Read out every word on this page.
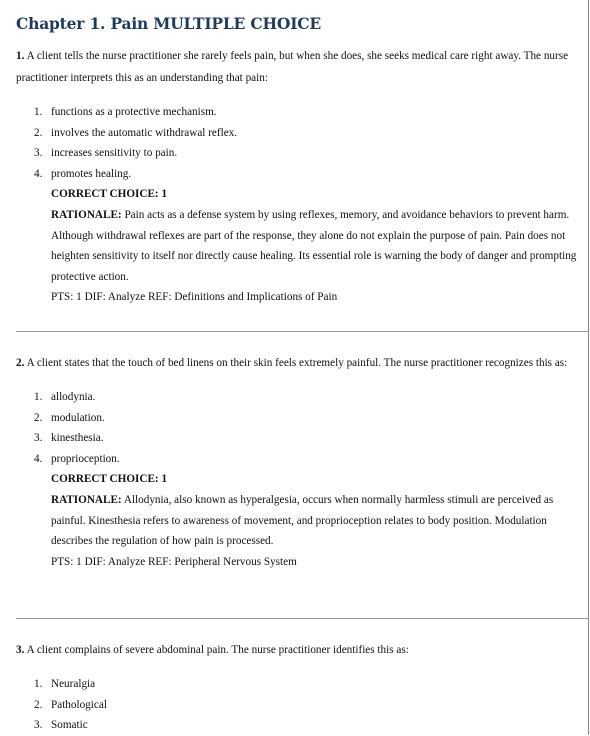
Chapter 1. Pain MULTIPLE CHOICE

1. A client tells the nurse practitioner she rarely feels pain, but when she does, she seeks medical care right away. The nurse practitioner interprets this as an understanding that pain:

1. functions as a protective mechanism.
2. involves the automatic withdrawal reflex.
3. increases sensitivity to pain.
4. promotes healing.
CORRECT CHOICE: 1

RATIONALE: Pain acts as a defense system by using reflexes, memory, and avoidance behaviors to prevent harm. Although withdrawal reflexes are part of the response, they alone do not explain the purpose of pain. Pain does not heighten sensitivity to itself nor directly cause healing. Its essential role is warning the body of danger and prompting protective action.

PTS: 1 DIF: Analyze REF: Definitions and Implications of Pain

2. A client states that the touch of bed linens on their skin feels extremely painful. The nurse practitioner recognizes this as:

1. allodynia.
2. modulation.
3. kinesthesia.
4. proprioception.
CORRECT CHOICE: 1

RATIONALE: Allodynia, also known as hyperalgesia, occurs when normally harmless stimuli are perceived as painful. Kinesthesia refers to awareness of movement, and proprioception relates to body position. Modulation describes the regulation of how pain is processed.

PTS: 1 DIF: Analyze REF: Peripheral Nervous System

3. A client complains of severe abdominal pain. The nurse practitioner identifies this as:

1. Neuralgia
2. Pathological
3. Somatic
